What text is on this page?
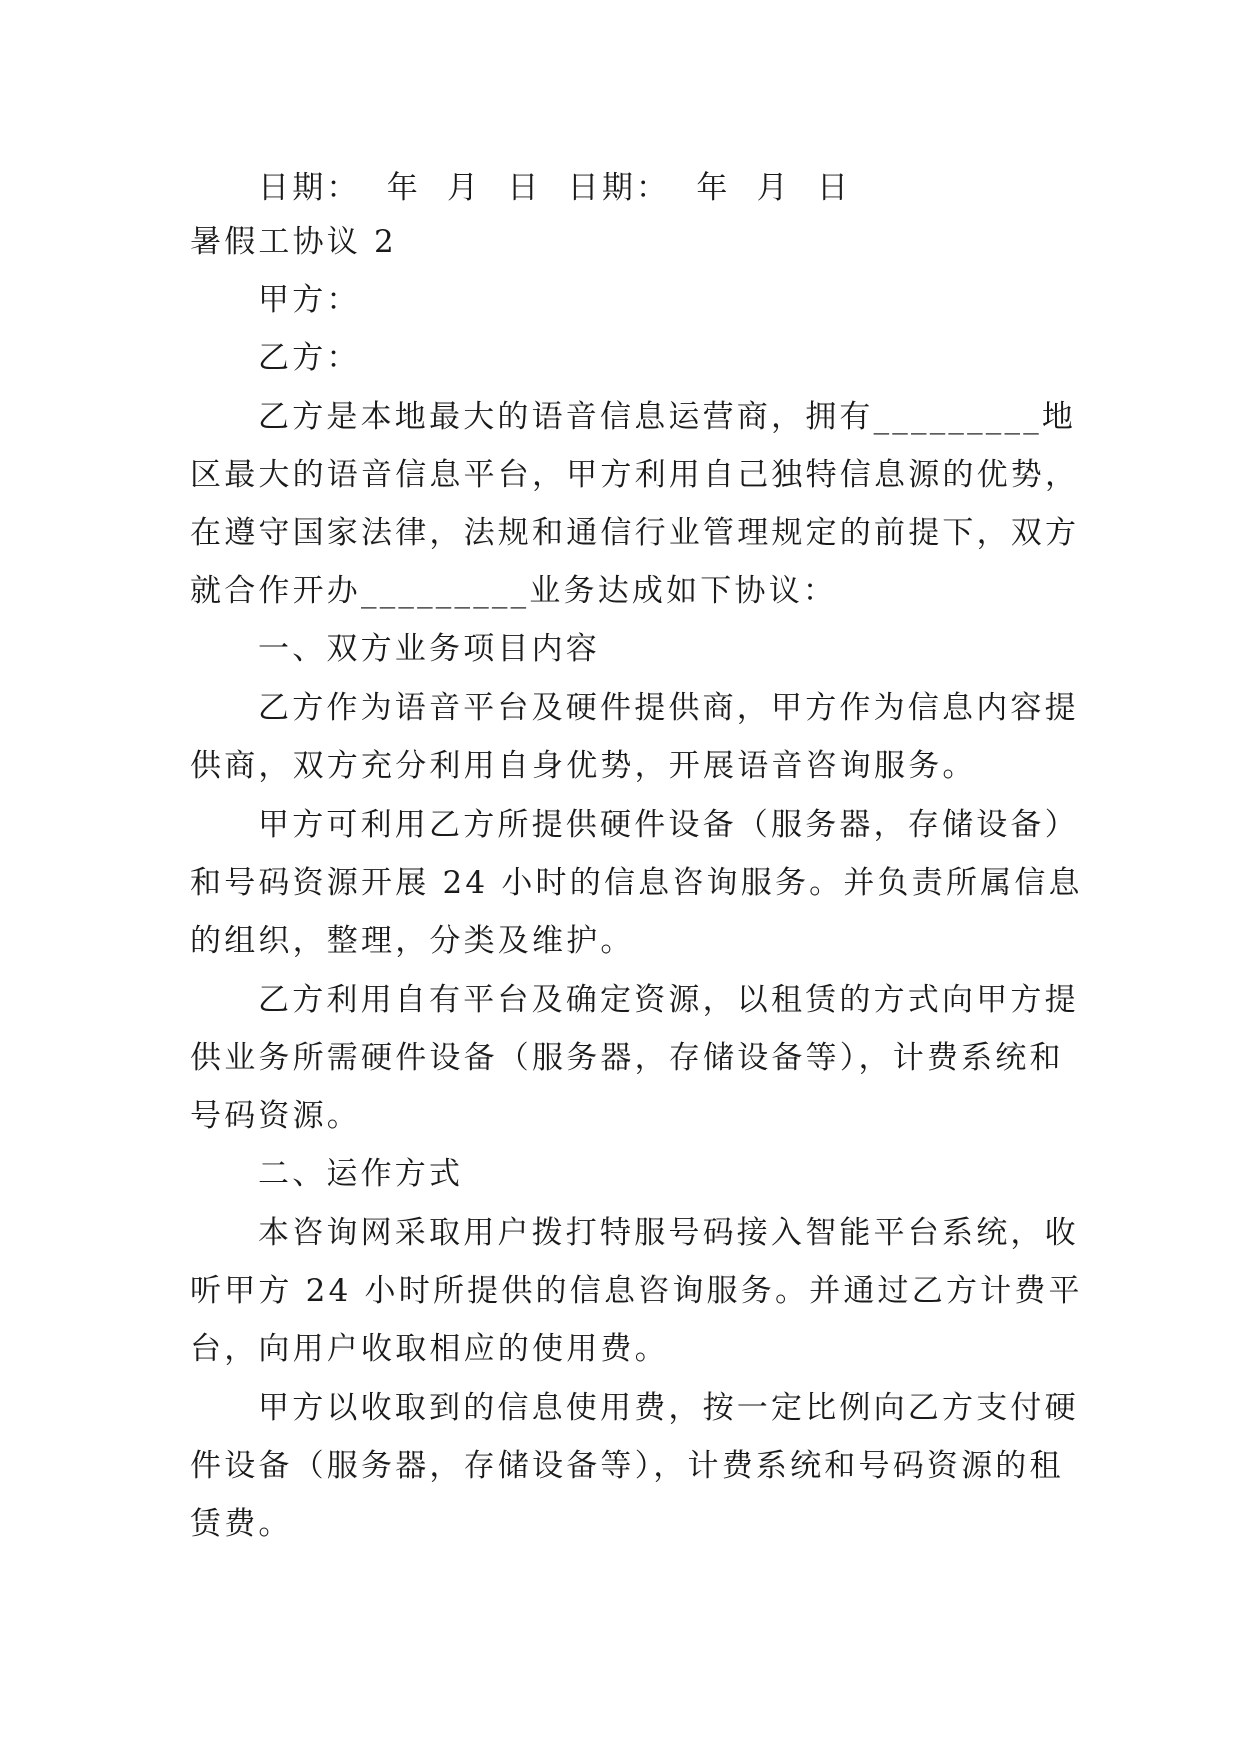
日期：  年  月  日  日期：  年  月  日
暑假工协议 2
甲方：
乙方：
乙方是本地最大的语音信息运营商，拥有_________地
区最大的语音信息平台，甲方利用自己独特信息源的优势，
在遵守国家法律，法规和通信行业管理规定的前提下，双方
就合作开办_________业务达成如下协议：
一、双方业务项目内容
乙方作为语音平台及硬件提供商，甲方作为信息内容提
供商，双方充分利用自身优势，开展语音咨询服务。
甲方可利用乙方所提供硬件设备（服务器，存储设备）
和号码资源开展 24 小时的信息咨询服务。并负责所属信息
的组织，整理，分类及维护。
乙方利用自有平台及确定资源，以租赁的方式向甲方提
供业务所需硬件设备（服务器，存储设备等），计费系统和
号码资源。
二、运作方式
本咨询网采取用户拨打特服号码接入智能平台系统，收
听甲方 24 小时所提供的信息咨询服务。并通过乙方计费平
台，向用户收取相应的使用费。
甲方以收取到的信息使用费，按一定比例向乙方支付硬
件设备（服务器，存储设备等），计费系统和号码资源的租
赁费。
